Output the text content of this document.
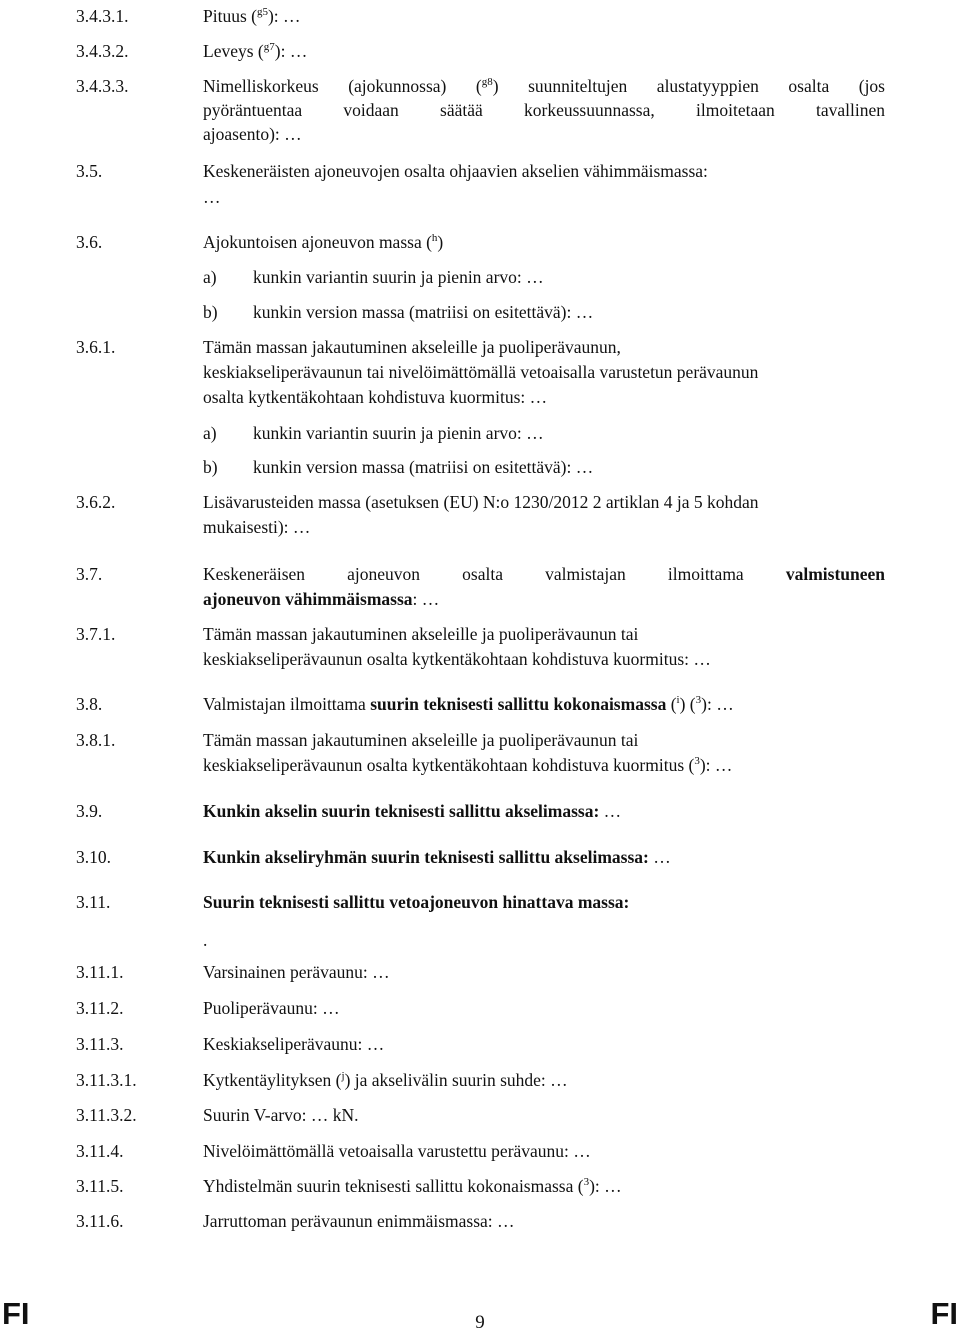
3.4.3.1.	Pituus ($^{g5}$): …
3.4.3.2.	Leveys ($^{g7}$): …
3.4.3.3.	Nimelliskorkeus (ajokunnossa) ($^{g8}$) suunniteltujen alustatyyppien osalta (jos
pyöräntuentaa voidaan säätää korkeussuunnassa, ilmoitetaan tavallinen
ajoasento): …
3.5.	Keskeneräisten ajoneuvojen osalta ohjaavien akselien vähimmäismassa:
…
3.6.	Ajokuntoisen ajoneuvon massa ($^h$)
a) kunkin variantin suurin ja pienin arvo: …
b) kunkin version massa (matriisi on esitettävä): …
3.6.1.	Tämän massan jakautuminen akseleille ja puoliperävaunun,
keskiakseliperävaunun tai nivelöimättömällä vetoaisalla varustetun perävaunun
osalta kytkentäkohtaan kohdistuva kuormitus: …
a) kunkin variantin suurin ja pienin arvo: …
b) kunkin version massa (matriisi on esitettävä): …
3.6.2.	Lisävarusteiden massa (asetuksen (EU) N:o 1230/2012 2 artiklan 4 ja 5 kohdan
mukaisesti): …
3.7.	Keskeneräisen ajoneuvon osalta valmistajan ilmoittama valmistuneen
ajoneuvon vähimmäismassa: …
3.7.1.	Tämän massan jakautuminen akseleille ja puoliperävaunun tai
keskiakseliperävaunun osalta kytkentäkohtaan kohdistuva kuormitus: …
3.8.	Valmistajan ilmoittama suurin teknisesti sallittu kokonaismassa ($^i$) ($^3$): …
3.8.1.	Tämän massan jakautuminen akseleille ja puoliperävaunun tai
keskiakseliperävaunun osalta kytkentäkohtaan kohdistuva kuormitus ($^3$): …
3.9.	Kunkin akselin suurin teknisesti sallittu akselimassa: …
3.10.	Kunkin akseliryhmän suurin teknisesti sallittu akselimassa: …
3.11.	Suurin teknisesti sallittu vetoajoneuvon hinattava massa:
.
3.11.1.	Varsinainen perävaunu: …
3.11.2.	Puoliperävaunu: …
3.11.3.	Keskiakseliperävaunu: …
3.11.3.1.	Kytkentäylityksen ($^j$) ja akselivälin suurin suhde: …
3.11.3.2.	Suurin V-arvo: … kN.
3.11.4.	Nivelöimättömällä vetoaisalla varustettu perävaunu: …
3.11.5.	Yhdistelmän suurin teknisesti sallittu kokonaismassa ($^3$): …
3.11.6.	Jarruttoman perävaunun enimmäismassa: …
FI	9	FI
